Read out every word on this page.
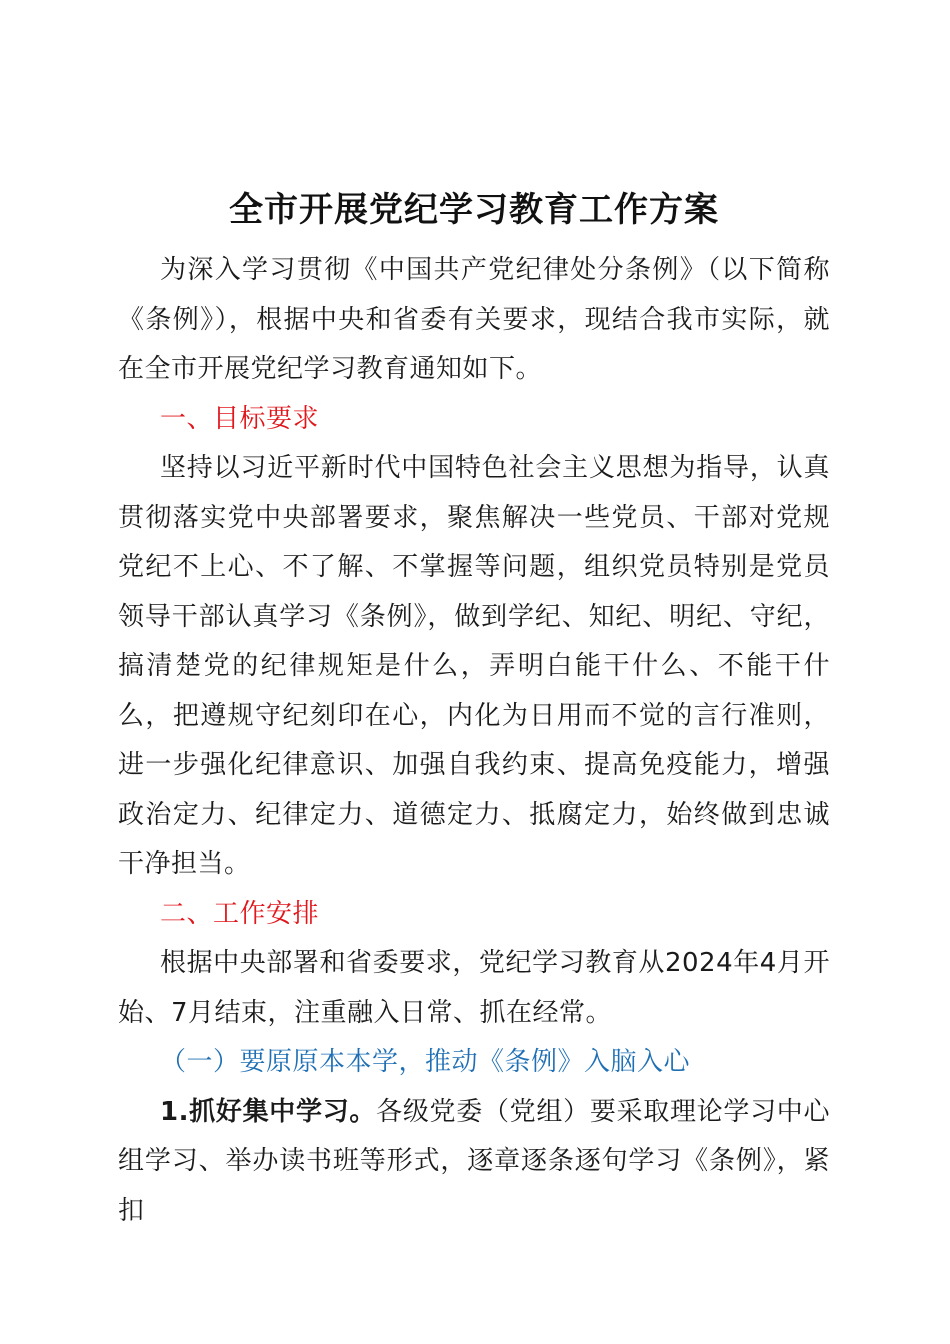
全市开展党纪学习教育工作方案

为深入学习贯彻《中国共产党纪律处分条例》（以下简称《条例》），根据中央和省委有关要求，现结合我市实际，就在全市开展党纪学习教育通知如下。

一、目标要求

坚持以习近平新时代中国特色社会主义思想为指导，认真贯彻落实党中央部署要求，聚焦解决一些党员、干部对党规党纪不上心、不了解、不掌握等问题，组织党员特别是党员领导干部认真学习《条例》，做到学纪、知纪、明纪、守纪，搞清楚党的纪律规矩是什么，弄明白能干什么、不能干什么，把遵规守纪刻印在心，内化为日用而不觉的言行准则，进一步强化纪律意识、加强自我约束、提高免疫能力，增强政治定力、纪律定力、道德定力、抵腐定力，始终做到忠诚干净担当。

二、工作安排

根据中央部署和省委要求，党纪学习教育从2024年4月开始、7月结束，注重融入日常、抓在经常。

（一）要原原本本学，推动《条例》入脑入心

1.抓好集中学习。各级党委（党组）要采取理论学习中心组学习、举办读书班等形式，逐章逐条逐句学习《条例》，紧扣
